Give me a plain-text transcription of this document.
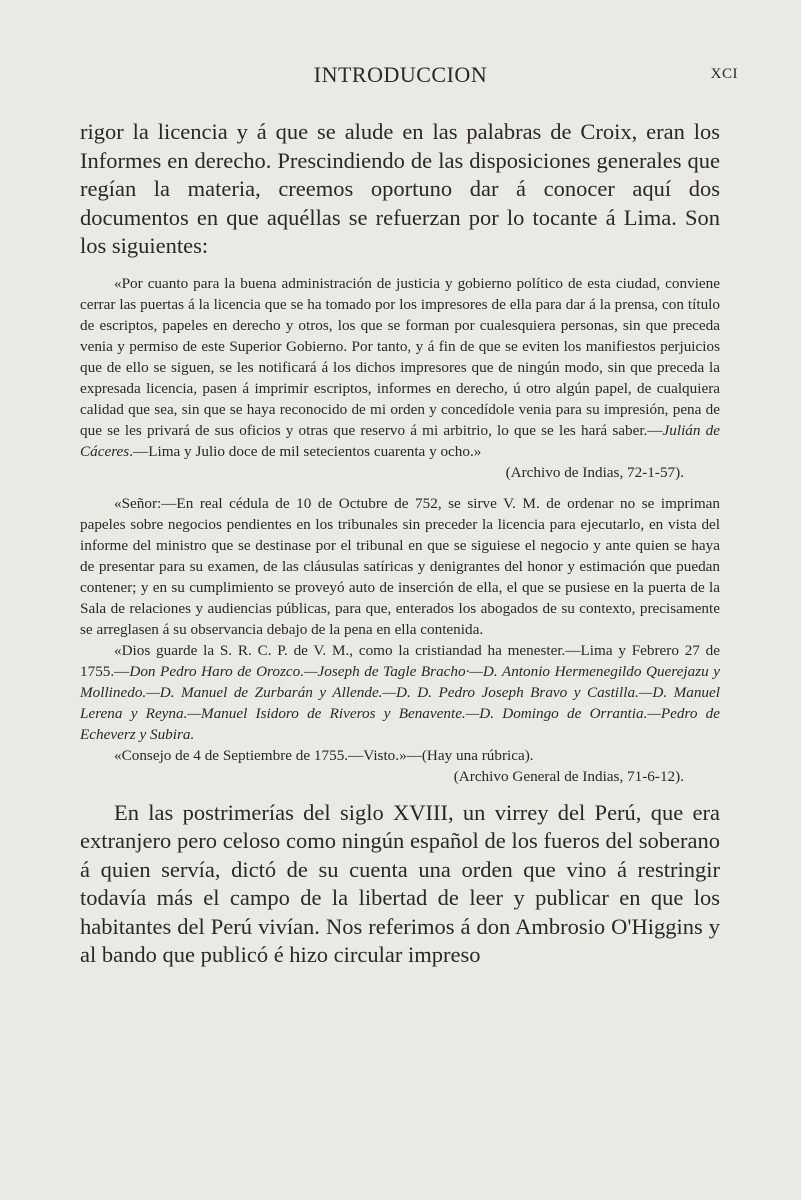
INTRODUCCION	XCI

rigor la licencia y á que se alude en las palabras de Croix, eran los Informes en derecho. Prescindiendo de las disposiciones generales que regían la materia, creemos oportuno dar á conocer aquí dos documentos en que aquéllas se refuerzan por lo tocante á Lima. Son los siguientes:

«Por cuanto para la buena administración de justicia y gobierno político de esta ciudad, conviene cerrar las puertas á la licencia que se ha tomado por los impresores de ella para dar á la prensa, con título de escriptos, papeles en derecho y otros, los que se forman por cualesquiera personas, sin que preceda venia y permiso de este Superior Gobierno. Por tanto, y á fin de que se eviten los manifiestos perjuicios que de ello se siguen, se les notificará á los dichos impresores que de ningún modo, sin que preceda la expresada licencia, pasen á imprimir escriptos, informes en derecho, ú otro algún papel, de cualquiera calidad que sea, sin que se haya reconocido de mi orden y concedídole venia para su impresión, pena de que se les privará de sus oficios y otras que reservo á mi arbitrio, lo que se les hará saber.—Julián de Cáceres.—Lima y Julio doce de mil setecientos cuarenta y ocho.»

(Archivo de Indias, 72-1-57).

«Señor:—En real cédula de 10 de Octubre de 752, se sirve V. M. de ordenar no se impriman papeles sobre negocios pendientes en los tribunales sin preceder la licencia para ejecutarlo, en vista del informe del ministro que se destinase por el tribunal en que se siguiese el negocio y ante quien se haya de presentar para su examen, de las cláusulas satíricas y denigrantes del honor y estimación que puedan contener; y en su cumplimiento se proveyó auto de inserción de ella, el que se pusiese en la puerta de la Sala de relaciones y audiencias públicas, para que, enterados los abogados de su contexto, precisamente se arreglasen á su observancia debajo de la pena en ella contenida.

«Dios guarde la S. R. C. P. de V. M., como la cristiandad ha menester.—Lima y Febrero 27 de 1755.—Don Pedro Haro de Orozco.—Joseph de Tagle Bracho·—D. Antonio Hermenegildo Querejazu y Mollinedo.—D. Manuel de Zurbarán y Allende.—D. D. Pedro Joseph Bravo y Castilla.—D. Manuel Lerena y Reyna.—Manuel Isidoro de Riveros y Benavente.—D. Domingo de Orrantia.—Pedro de Echeverz y Subira.

«Consejo de 4 de Septiembre de 1755.—Visto.»—(Hay una rúbrica).

(Archivo General de Indias, 71-6-12).

En las postrimerías del siglo XVIII, un virrey del Perú, que era extranjero pero celoso como ningún español de los fueros del soberano á quien servía, dictó de su cuenta una orden que vino á restringir todavía más el campo de la libertad de leer y publicar en que los habitantes del Perú vivían. Nos referimos á don Ambrosio O'Higgins y al bando que publicó é hizo circular impreso
